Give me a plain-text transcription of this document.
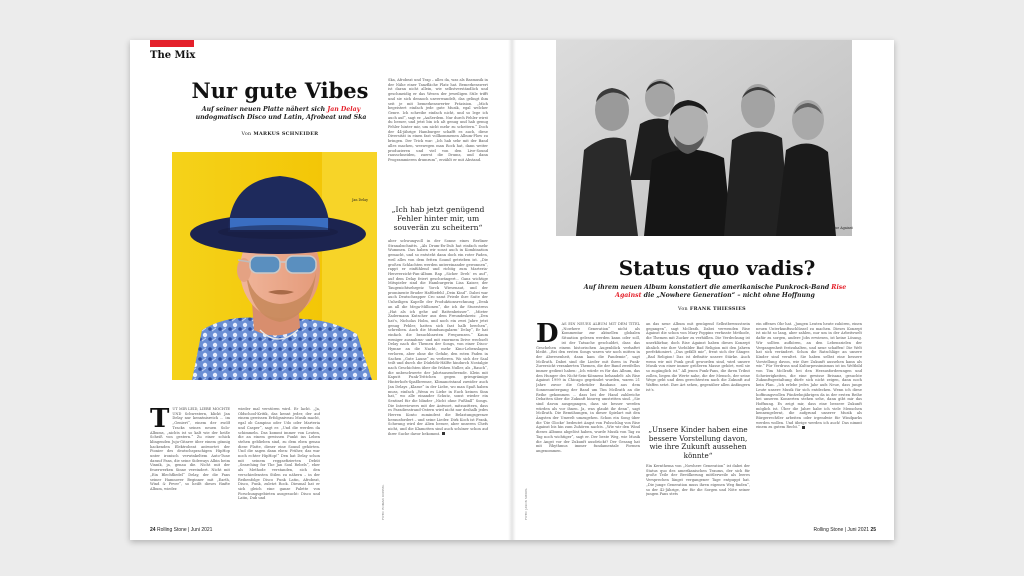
The Mix
Nur gute Vibes
Auf seiner neuen Platte nähert sich Jan Delay undogmatisch Disco und Latin, Afrobeat und Ska
Von MARKUS SCHNEIDER
Jan Delay
TUT MIR LEID, LIEBE MÖCHTE UND Schwestern, klickt Jan Delay nur kenntnisreich ... im „Geniert“, einem der zwölf Tracks seines neuen Solo-Albums, „nichts ist so kalt wie der heiße Scheiß von gestern.“ Zu einer schick klingenden Juju-Gitarre über einem gönnig hackenden Elektrobeat antwortet der Pionier des deutschsprachigen HipHop unter ironisch verwinkeltem Auto-Tune darauf Fans, die seine Sideways Albin beim Vinnik, ja, genau die. Nicht mit der feuerwerken Sinne vereindert. Nicht mit „Ein Blechfliedel“ Delay, der die Fans seiner Hamnover Beginner mit „Earth, Wind & Fever“, so heißt dieses fünfte Album, wieder.
wieder mal verstören wird. Er lacht. „Ja, Oldschool-Kritik, das kennt jeder, der auf einem gewissen Erfolgsniveau Musik macht, egal ob Campino oder Udo oder Marteria und Casper“, sagt er. „Und die werden da schimmeln. Das kommt immer von Leuten, die an einem gewissen Punkt ins Leben stehen geblieben sind, zu dem eben genau diese Platte, dieser eine Sound gehörten. Und die sagen dann eben: Früher, das war noch echter HipHop!“ Den hat Delay schon mit seinem reggaefizierten Debüt „Searching for The Jan Soul Rebels“, eher als Methode verstanden, sich den verschiedensten Stilen zu nähern – in der Reihenfolge Disco Funk Latin, Afrobeat, Disco, Funk, zuletzt Rock. Diesmal hat er sich gleich eine ganze Palette von Forschungsgebieten ausgesucht: Disco und Latin, Dub und
Ska, Afrobeat und Trap – alles da, was als Basmusik in der Nähe einer Tanzfläche Platz hat. Bemerkenswert ist daran nicht allein, wie selbstverständlich und geschmeidig er das Wesen der jeweiligen Stile trifft und sie sich dennoch unverwandelt, das gelingt ihm seit je mit bemerkenswerter Präzision. „Mich begeistert einfach jede gute Musik, egal welcher Genre. Ich schreibe einfach nicht, und so lege ich auch auf“, sagt er. „Außerdem. Nur durch Fehler wirst du besser, und jetzt bin ich alt genug und hab genug Fehler hinter mir, um nicht mehr zu scheitern.“ Doch der 44-jährige Hamburger schafft es auch, diese Diversität in einen fast vollkommenen Album-Flow zu bringen. Der Trick war: „Ich hab sehr mit der Band alles machen, weswegen man Rock hat, dann weiter produzieren und viel von den Live-Sound rausschneiden, zuerst die Drums, und dann Programmieren drumrum“, erzählt er mit Abstand.
„Ich hab jetzt genügend Fehler hinter mir, um souverän zu scheitern“
aber schwungvoll in der Sonne eines Berliner Stranabschnitts. „Als Drum-Ex-Dub hat einfach mehr Wummen. Das haben wir sonst auch in Kombination gemacht, und so entsteht dann doch ein roter Faden, weil alles von dem fetten Sound getrieben ist. „Die großen Schlachten werden untereinander gewonnen“, rappt er einfühlend und richtig zum Marteria-Herzverzicht-Fan-Album Rap „Sicher Dreh’ es auf“, auf dem Delay feiert geschwängert... Ganz wichtige Mitspieler sind die Hamburgerin Lisa Kaiser, der Taugenichtsehrgeiz Yorck Wiesenaut, und der prominente Bruder Haftbefehl „Dein Kind“. Dabei war auch Deutschrapper Cro samt Friede ihre Suite der Unheiligen Kapelle der Produktionsrechnung „Denk an all die Mega-Millionen“, die ich ihr Sturzstress „Hat als ich gehe auf Rattenbeisser“. „Mieter Zadermann Kutscher aus dem Freundeskreis: „Den hat’s, Nicholas Holm, und noch ein zwei Jahre jetzt genug Fehler, hatten sich fast halb brechen“, schreiben. Auch die Mundsaugalarm’ Delay“, Er hat einfach die brauchbarsten Frequenzen.“ Kaum weniger ausnahms- und mit enormem Drive wechselt Delay nach die Themen der Songs, von einer Disco-Hymne an die Nacht, mehr Kino-Lebenslagen verloren, aber ohne die Gefahr, den roten Faden in Sachen „Gute Laune“ zu verlieren. Wo sich der Saal teilt und durch die Düdeldü-Hälfte hindurch Nostalgie nach Geschichten über die frühen Nuller, als „Rauch“, die unbeschwerte der Jahrtausendwende. Klein mit Kaputt Funk-Trittchen gegen griesgrämige Hinterhofs-Spaßbremse, Klimanotstand zuwider auch Jan Delays „Klasse“ in der Liebe, wo man Spaß haben muss, einfach „Wenn es Liebe in Euch keinen Sinn hat,“ wo alle einander Schutz, sonst wieder ein Sentinel für die blinder „Nicht ohne Fußball“ Songs. Die Interviewers mit der Antwort, mitzuzittern, dass es Paradiesstrand-Ostern wird nicht nur deshalb jedes Herren Konto zumindest die Belastungsgrenze herausfordert – und seine Lieder. Dirk Koch ist Frank, Schwung wird der Alien besser, aber unseren Chefs nicht, und die Klamotten sind auch schöner schon auf ihrer Suche davor bekommt.
FOTO: ROMAN GOEBEL
24 Rolling Stone | Juni 2021
Rise Against
Status quo vadis?
Auf ihrem neuen Album konstatiert die amerikanische Punkrock-Band Rise Against die „Nowhere Generation“ – nicht ohne Hoffnung
Von FRANK THIESSIES
DAS EIN NEUES ALBUM MIT DEM TITEL „Nowhere Generation“ nicht als Kommentar zur aktuellen globalen Situation gelesen werden kann oder soll, ist der Tatsache geschuldet, dass das Geschehen einem historischen Augenblick verhaftet bleibt. „Bei den ersten Songs waren wir noch mitten in der Abwesenheit, dann kam die Pandemie“, sagt McIlrath. Dabei sind die Lieder mit ihren in Punk-Zuversicht verankerten Themen, die der Band zweifellos immer gedient haben: „Ich würde es für das Album, das den Hunger des Nicht-Sein-Könnens behandelt: als Rise Against 1999 in Chicago gegründet wurden, waren 21 Jahre zuvor die Gebrüder Bauhaus aus dem Sonnenuntergang der Band um Tim McIlrath an die Reihe gekommen ... dass bei der Hand zahlreiche Debatten über die Zukunft hinweg umstritten sind. „Sie sind davon ausgegangen, dass sie besser werden würden als vor ihnen. Ja, was glaubt ihr denn“, sagt McIlrath. Die Bemühungen, in dieser Spielart mit den Ängsten der Umwelt umzugehen. Schon ein Song über die ’Die Glocke’ bedeutet Angst von Pulsschlag von Rise Against bis hin zum Zuhören nachts. „Wie wir den Wind dieses Albums abgelöst haben, wurde Musik von Tag zu Tag noch wichtiger“, sagt er. Der beste Weg, wie Musik die Angst vor der Zukunft ausdrückt? Der Gesang hat mit Rhythmus immer fundamentale Formen angenommen.
an das neue Album mit genügend Selbstbewusstsein gegangen“, sagt McIlrath. Dabei verwenden Rise Against die schon von Mary Poppins verfasste Methode, die Themen mit Zucker zu verhüllen. Die Verdeckung ist unerklärbar, doch Rise Against haben dieses Konzept ähnlich wie ihre Vorbilder Bad Religion mit den Jahren perfektioniert. „Das gefällt mir“, freut sich der Sänger. „Bad Religion! Das ist definitiv unsere Stärke. Auch wenn wir mit Punk groß geworden sind, wird unsere Musik von einer immer größeren Masse gehört, weil sie so zugänglich ist.“ All jenen Punk-Fans, die ihren Tribut zollen, liegen die Werte nahe, die der Mensch, der seine Wege geht und dem gerechtesten nach die Zukunft auf Waffen setzt. Ihre Art sehen, gegenüber allen Anfängern ist’s.
„Unsere Kinder haben eine bessere Vorstellung davon, wie ihre Zukunft aussehen könnte“
Ein Kernthema von „Nowhere Generation“ ist dabei der Status quo des amerikanischen Traums, der sich für große Teile der Bevölkerung mittlerweile als leeres Versprechen längst vergangener Tage entpuppt hat. „Die junge Generation muss ihren eigenen Weg finden“, so der 42-Jährige, der für die Sorgen und Nöte seiner jungen Fans stets
ein offenes Ohr hat. „Jungen Leuten heute zuhören, einen neuen Unterkunftsschlüssel zu machen. Dieses Konzept ist nicht so lang, aber zahlen, nur um in der Arbeitswelt dafür zu sorgen, andere Jobs erwiesen, ist keine Lösung. Wir sollten aufhören, an den Lebenszielen der Vergangenheit festzuhalten, und neue schaffen! Die Welt hat sich verändert. Schon die Ratschläge an unsere Kinder sind veraltet. Sie haben selbst eine bessere Vorstellung davon, wie ihre Zukunft aussehen kann als wir.“ Für Verdruss und Kulturpessimismus ist im Weltbild von Tim McIlrath bei den Herausforderungen und Schwierigkeiten, die eine gewisse Brisanz, gesuchte Zukunftsgestaltung dürfe sich nicht zeigen, dann noch kein Plan. „Ich erlebe jedes Jahr aufs Neue, dass junge Leute unsere Musik für sich entdecken. Wenn ich diese hoffnungsvollen Fünfzehnjährigen da in der ersten Reihe bei unseren Konzerten stehen sehe, dann gibt mir das Hoffnung. Es zeigt mir, dass eine bessere Zukunft möglich ist. Über die Jahre habe ich viele Menschen kennengelernt, die aufgrund unserer Musik als Bürgerrechtler arbeiten oder irgendwie für Windparks werden wollen. Und übrige werden ich auch! Das nimmt einem zu gutem Recht.“
FOTO: JASON SIEGEL
Rolling Stone | Juni 2021 25
